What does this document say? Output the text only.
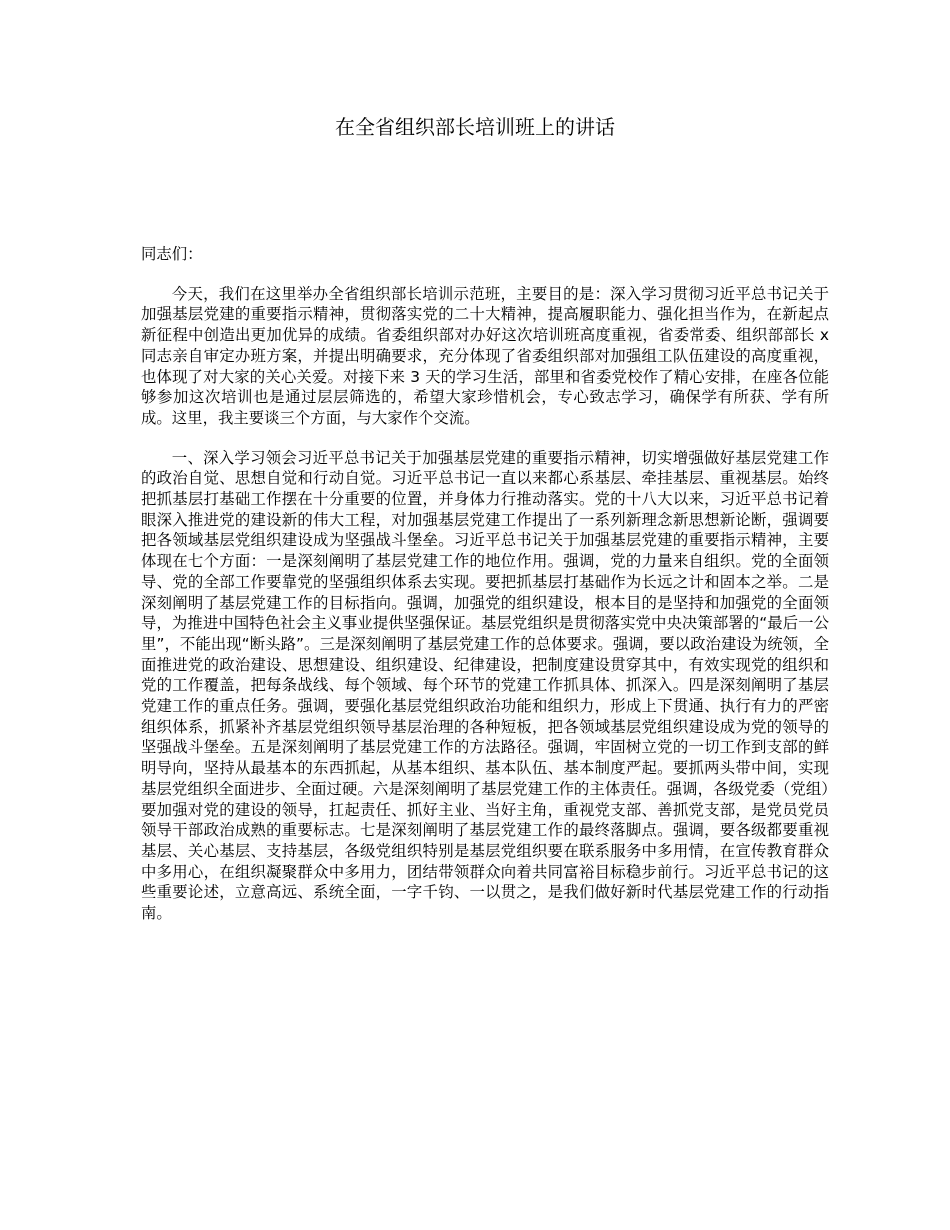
在全省组织部长培训班上的讲话

同志们：

今天，我们在这里举办全省组织部长培训示范班，主要目的是：深入学习贯彻习近平总书记关于加强基层党建的重要指示精神，贯彻落实党的二十大精神，提高履职能力、强化担当作为，在新起点新征程中创造出更加优异的成绩。省委组织部对办好这次培训班高度重视，省委常委、组织部部长 x 同志亲自审定办班方案，并提出明确要求，充分体现了省委组织部对加强组工队伍建设的高度重视，也体现了对大家的关心关爱。对接下来 3 天的学习生活，部里和省委党校作了精心安排，在座各位能够参加这次培训也是通过层层筛选的，希望大家珍惜机会，专心致志学习，确保学有所获、学有所成。这里，我主要谈三个方面，与大家作个交流。

一、深入学习领会习近平总书记关于加强基层党建的重要指示精神，切实增强做好基层党建工作的政治自觉、思想自觉和行动自觉。习近平总书记一直以来都心系基层、牵挂基层、重视基层。始终把抓基层打基础工作摆在十分重要的位置，并身体力行推动落实。党的十八大以来，习近平总书记着眼深入推进党的建设新的伟大工程，对加强基层党建工作提出了一系列新理念新思想新论断，强调要把各领域基层党组织建设成为坚强战斗堡垒。习近平总书记关于加强基层党建的重要指示精神，主要体现在七个方面：一是深刻阐明了基层党建工作的地位作用。强调，党的力量来自组织。党的全面领导、党的全部工作要靠党的坚强组织体系去实现。要把抓基层打基础作为长远之计和固本之举。二是深刻阐明了基层党建工作的目标指向。强调，加强党的组织建设，根本目的是坚持和加强党的全面领导，为推进中国特色社会主义事业提供坚强保证。基层党组织是贯彻落实党中央决策部署的“最后一公里”，不能出现“断头路”。三是深刻阐明了基层党建工作的总体要求。强调，要以政治建设为统领，全面推进党的政治建设、思想建设、组织建设、纪律建设，把制度建设贯穿其中，有效实现党的组织和党的工作覆盖，把每条战线、每个领域、每个环节的党建工作抓具体、抓深入。四是深刻阐明了基层党建工作的重点任务。强调，要强化基层党组织政治功能和组织力，形成上下贯通、执行有力的严密组织体系，抓紧补齐基层党组织领导基层治理的各种短板，把各领域基层党组织建设成为党的领导的坚强战斗堡垒。五是深刻阐明了基层党建工作的方法路径。强调，牢固树立党的一切工作到支部的鲜明导向，坚持从最基本的东西抓起，从基本组织、基本队伍、基本制度严起。要抓两头带中间，实现基层党组织全面进步、全面过硬。六是深刻阐明了基层党建工作的主体责任。强调，各级党委（党组）要加强对党的建设的领导，扛起责任、抓好主业、当好主角，重视党支部、善抓党支部，是党员党员领导干部政治成熟的重要标志。七是深刻阐明了基层党建工作的最终落脚点。强调，要各级都要重视基层、关心基层、支持基层，各级党组织特别是基层党组织要在联系服务中多用情，在宣传教育群众中多用心，在组织凝聚群众中多用力，团结带领群众向着共同富裕目标稳步前行。习近平总书记的这些重要论述，立意高远、系统全面，一字千钧、一以贯之，是我们做好新时代基层党建工作的行动指南。
